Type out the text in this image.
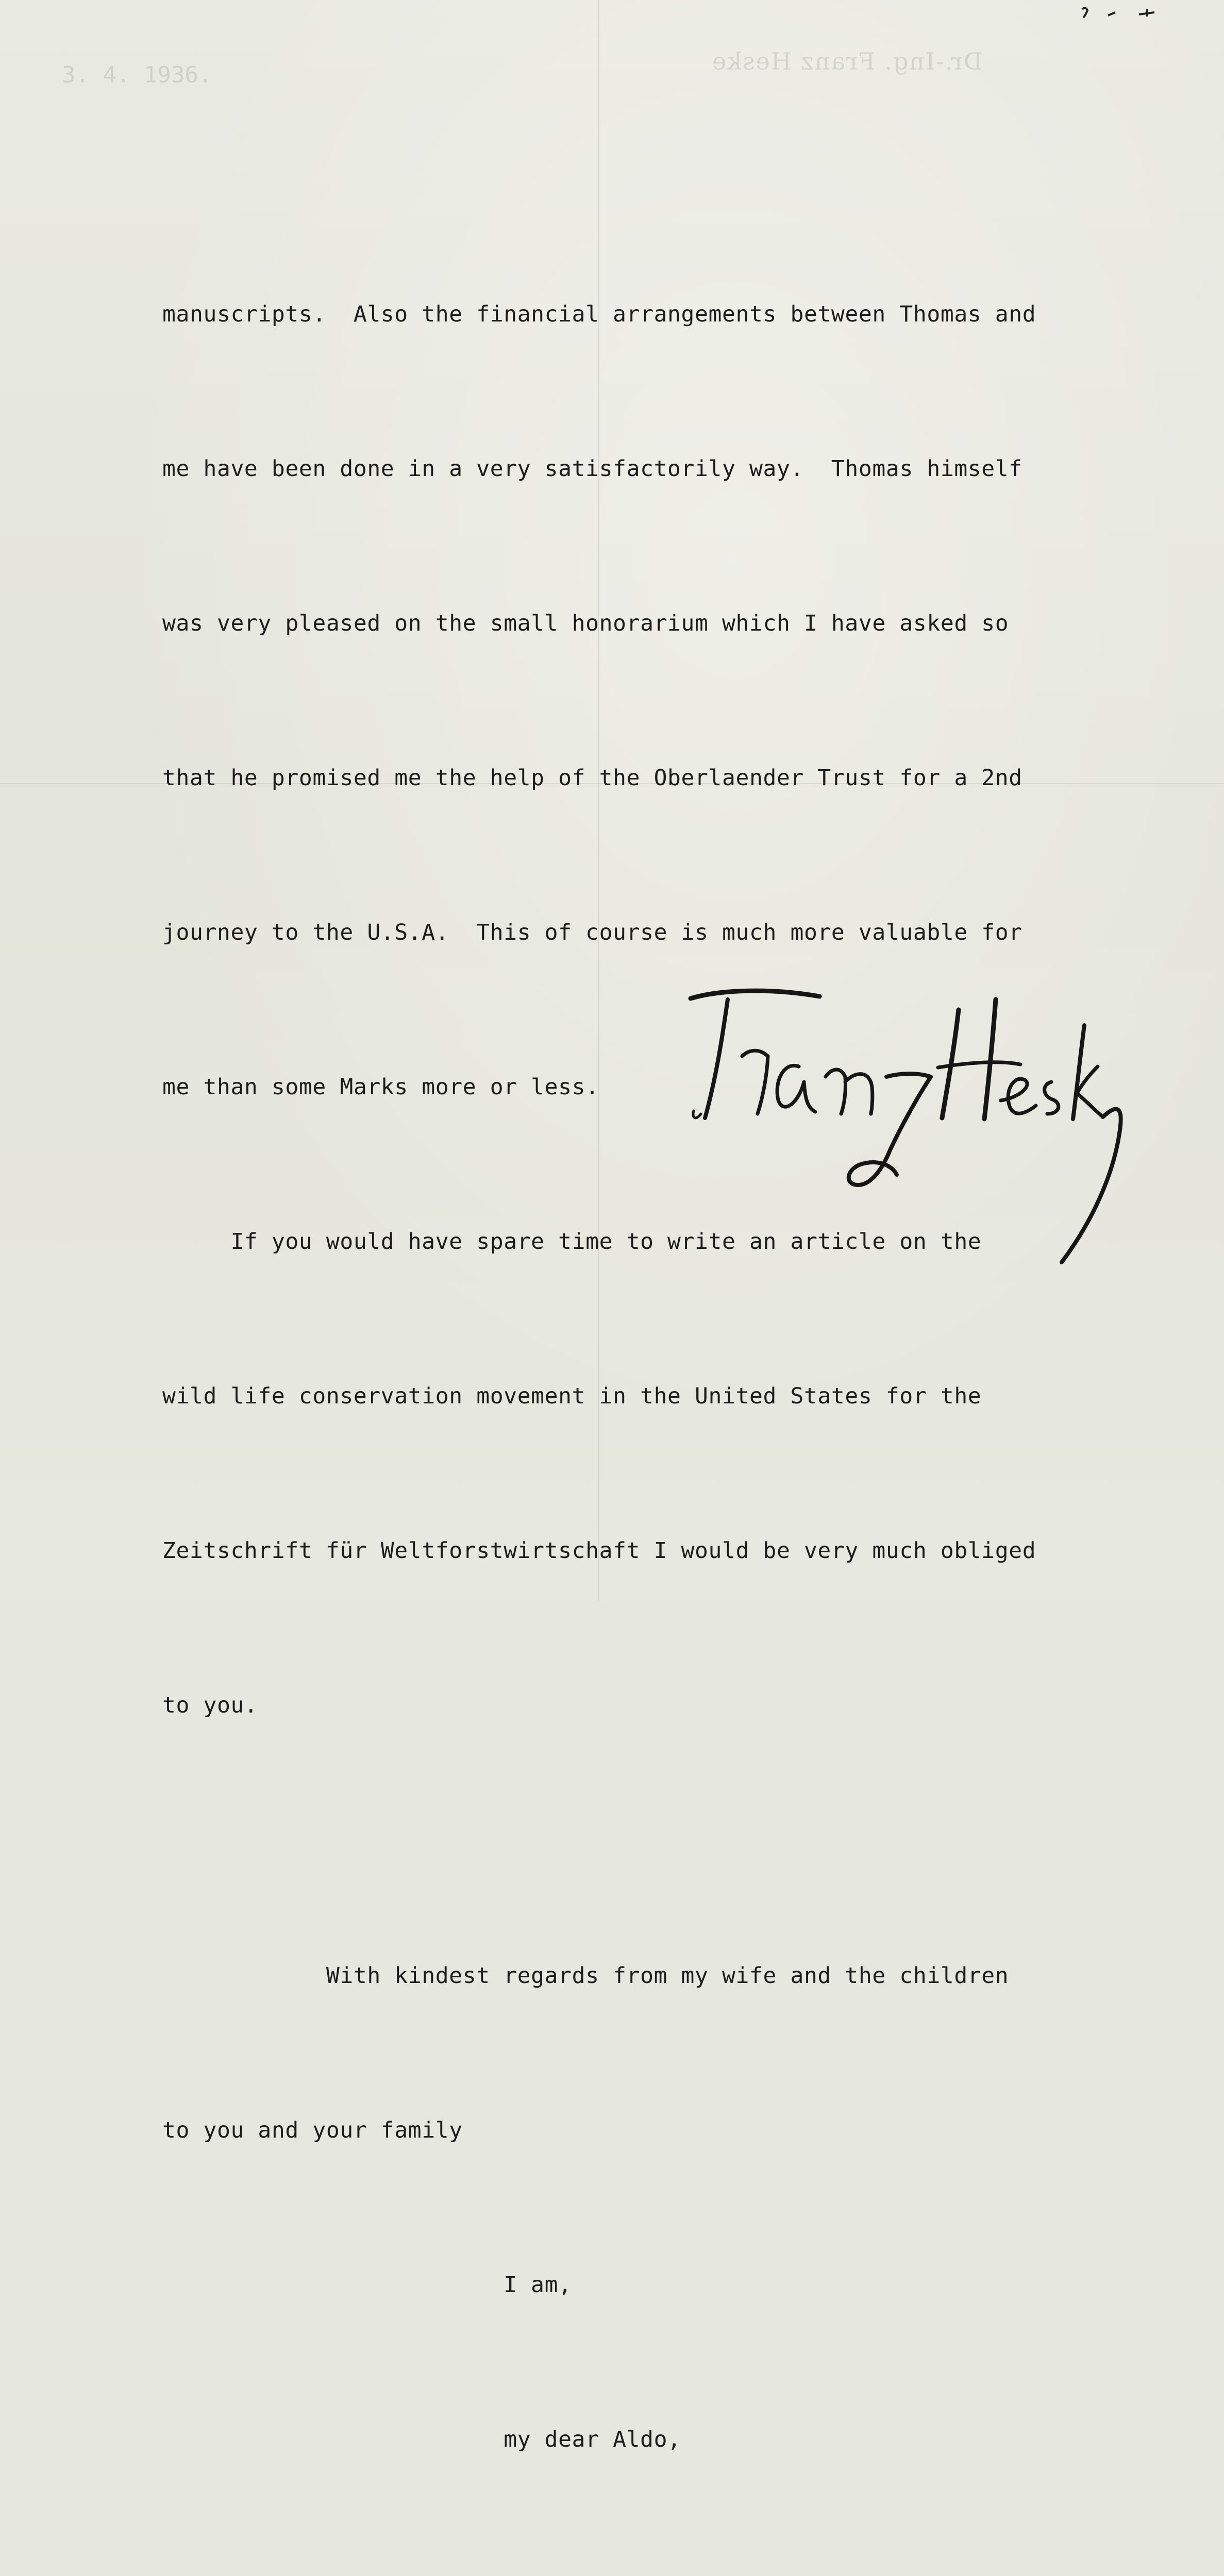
Dr.-Ing. Franz Heske
3. 4. 1936.

manuscripts.  Also the financial arrangements between Thomas and

me have been done in a very satisfactorily way.  Thomas himself

was very pleased on the small honorarium which I have asked so

that he promised me the help of the Oberlaender Trust for a 2nd

journey to the U.S.A.  This of course is much more valuable for

me than some Marks more or less.

If you would have spare time to write an article on the

wild life conservation movement in the United States for the

Zeitschrift für Weltforstwirtschaft I would be very much obliged

to you.

With kindest regards from my wife and the children

to you and your family

I am,

my dear Aldo,
